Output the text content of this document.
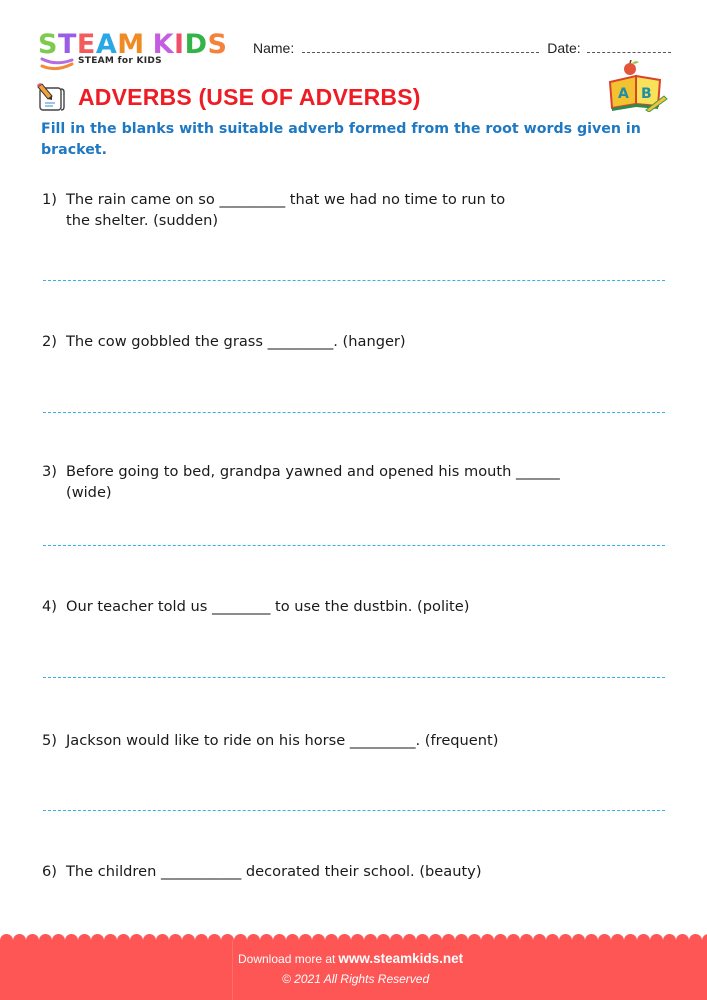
STEAM KIDS
STEAM for KIDS
Name:	Date:
A B
ADVERBS (USE OF ADVERBS)
Fill in the blanks with suitable adverb formed from the root words given in bracket.
1) The rain came on so _________ that we had no time to run to
the shelter. (sudden)
2) The cow gobbled the grass _________. (hanger)
3) Before going to bed, grandpa yawned and opened his mouth ______
(wide)
4) Our teacher told us ________ to use the dustbin. (polite)
5) Jackson would like to ride on his horse _________. (frequent)
6) The children ___________ decorated their school. (beauty)
Download more at www.steamkids.net
© 2021 All Rights Reserved
